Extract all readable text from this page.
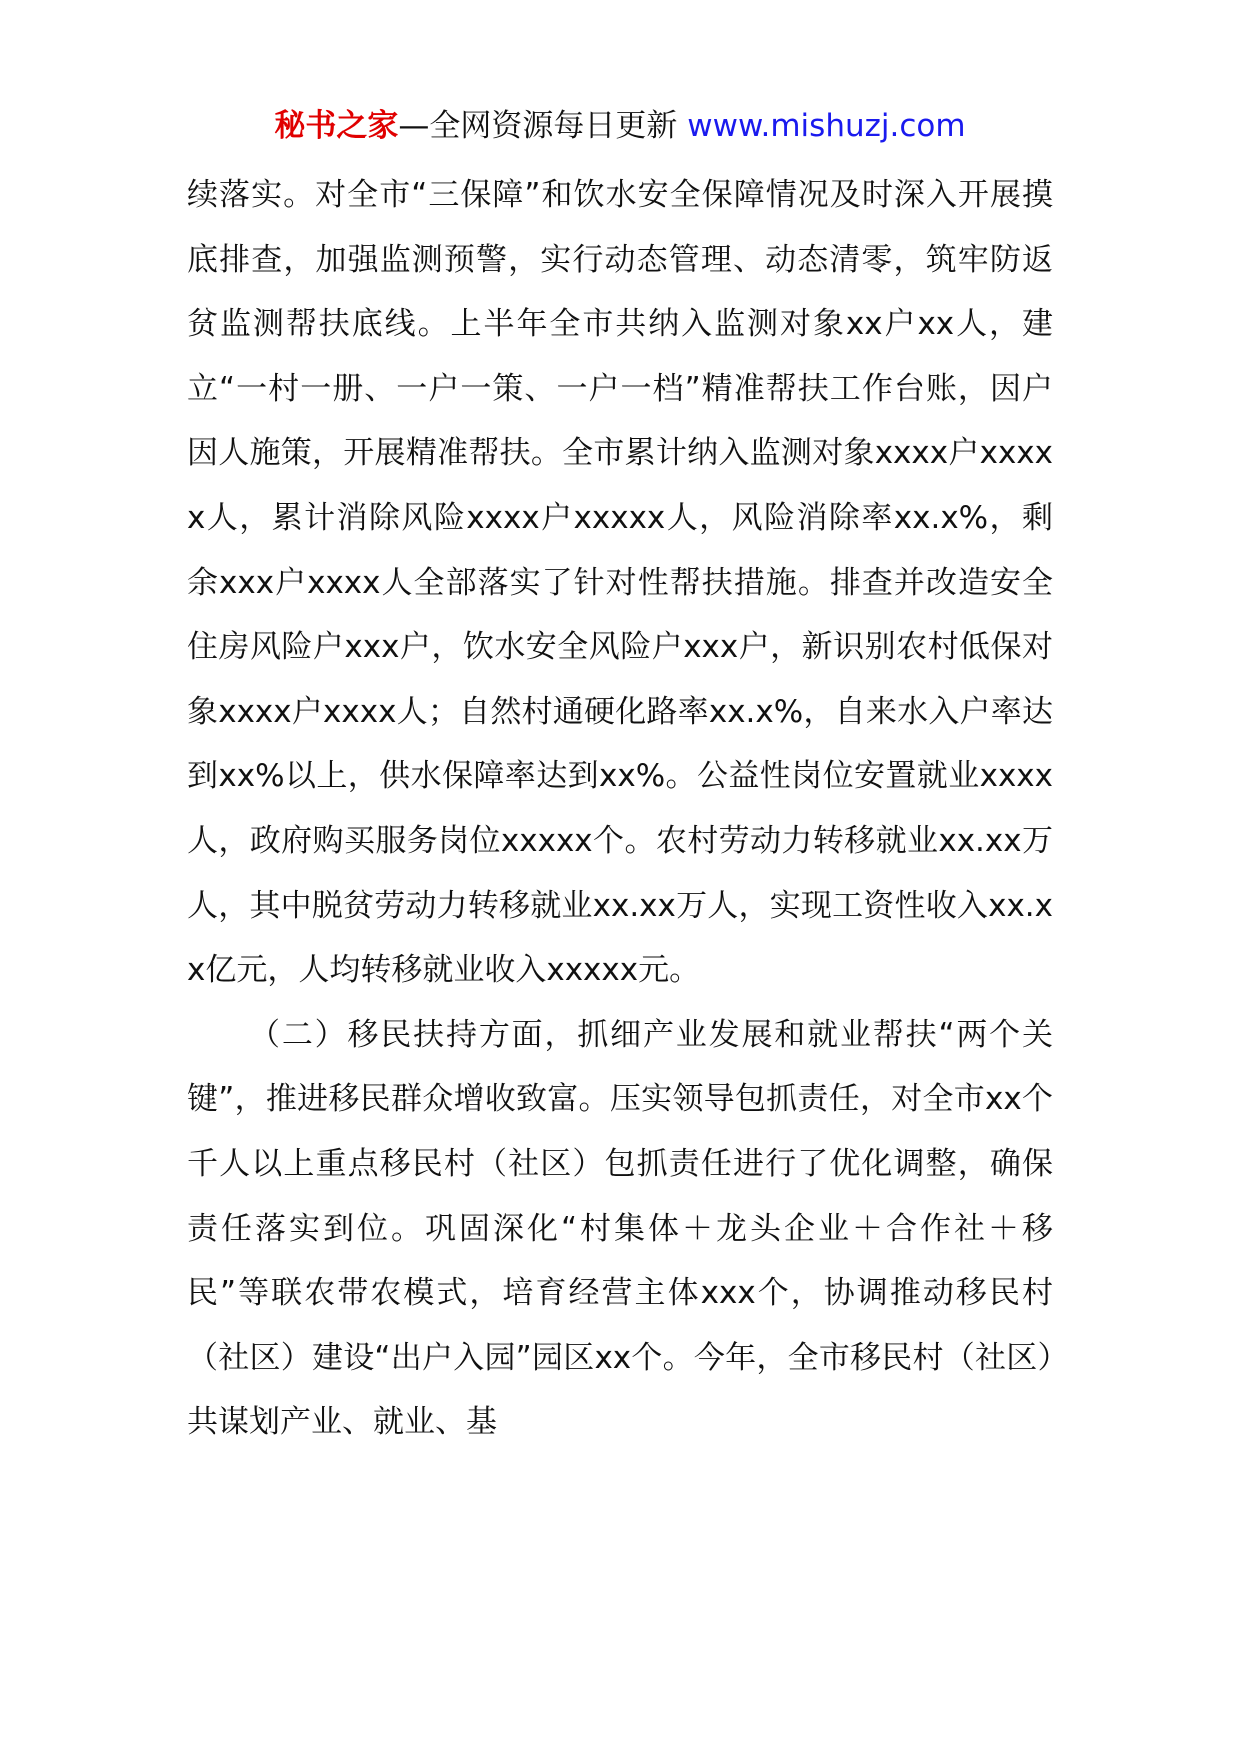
秘书之家—全网资源每日更新 www.mishuzj.com

续落实。对全市“三保障”和饮水安全保障情况及时深入开展摸底排查，加强监测预警，实行动态管理、动态清零，筑牢防返贫监测帮扶底线。上半年全市共纳入监测对象xx户xx人，建立“一村一册、一户一策、一户一档”精准帮扶工作台账，因户因人施策，开展精准帮扶。全市累计纳入监测对象xxxx户xxxxx人，累计消除风险xxxx户xxxxx人，风险消除率xx.x%，剩余xxx户xxxx人全部落实了针对性帮扶措施。排查并改造安全住房风险户xxx户，饮水安全风险户xxx户，新识别农村低保对象xxxx户xxxx人；自然村通硬化路率xx.x%，自来水入户率达到xx%以上，供水保障率达到xx%。公益性岗位安置就业xxxx人，政府购买服务岗位xxxxx个。农村劳动力转移就业xx.xx万人，其中脱贫劳动力转移就业xx.xx万人，实现工资性收入xx.xx亿元，人均转移就业收入xxxxx元。

（二）移民扶持方面，抓细产业发展和就业帮扶“两个关键”，推进移民群众增收致富。压实领导包抓责任，对全市xx个千人以上重点移民村（社区）包抓责任进行了优化调整，确保责任落实到位。巩固深化“村集体＋龙头企业＋合作社＋移民”等联农带农模式，培育经营主体xxx个，协调推动移民村（社区）建设“出户入园”园区xx个。今年，全市移民村（社区）共谋划产业、就业、基
